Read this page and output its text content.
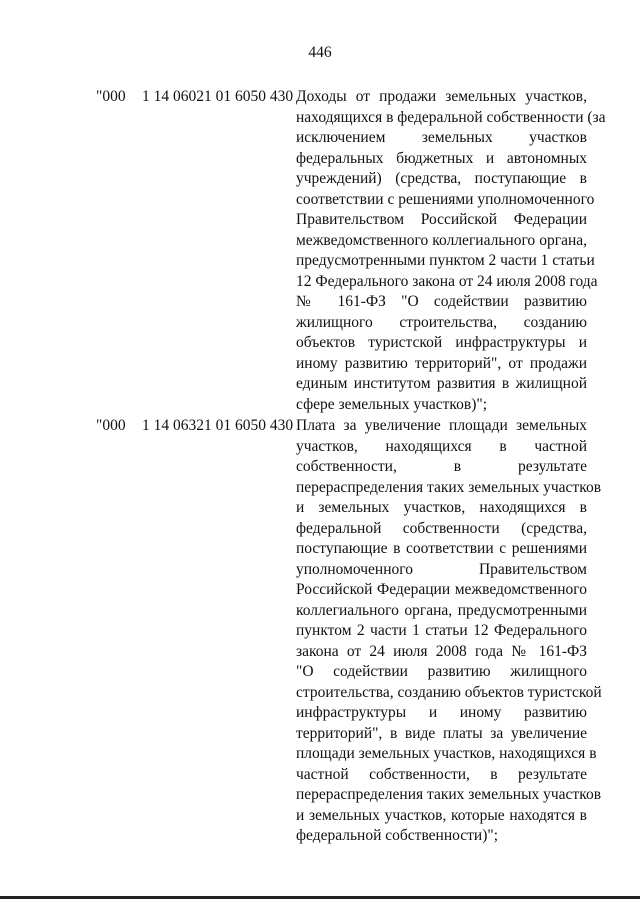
446
"000 1 14 06021 01 6050 430 Доходы от продажи земельных участков,
находящихся в федеральной собственности (за
исключением земельных участков
федеральных бюджетных и автономных
учреждений) (средства, поступающие в
соответствии с решениями уполномоченного
Правительством Российской Федерации
межведомственного коллегиального органа,
предусмотренными пунктом 2 части 1 статьи
12 Федерального закона от 24 июля 2008 года
№ 161-ФЗ "О содействии развитию
жилищного строительства, созданию
объектов туристской инфраструктуры и
иному развитию территорий", от продажи
единым институтом развития в жилищной
сфере земельных участков)";
"000 1 14 06321 01 6050 430 Плата за увеличение площади земельных
участков, находящихся в частной
собственности, в результате
перераспределения таких земельных участков
и земельных участков, находящихся в
федеральной собственности (средства,
поступающие в соответствии с решениями
уполномоченного Правительством
Российской Федерации межведомственного
коллегиального органа, предусмотренными
пунктом 2 части 1 статьи 12 Федерального
закона от 24 июля 2008 года № 161-ФЗ
"О содействии развитию жилищного
строительства, созданию объектов туристской
инфраструктуры и иному развитию
территорий", в виде платы за увеличение
площади земельных участков, находящихся в
частной собственности, в результате
перераспределения таких земельных участков
и земельных участков, которые находятся в
федеральной собственности)";
